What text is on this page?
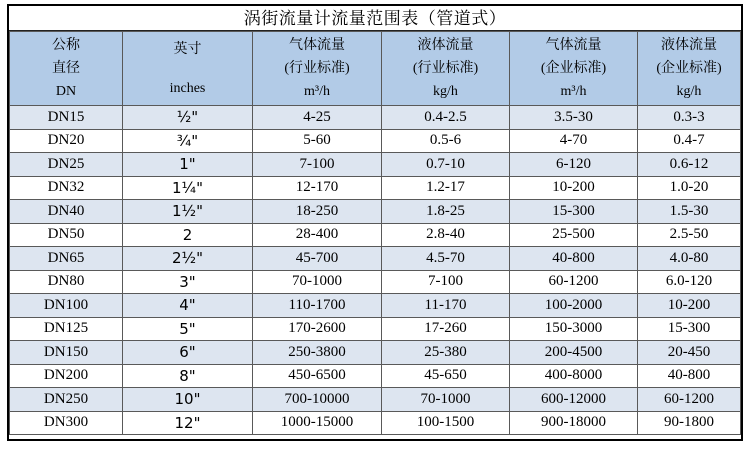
涡街流量计流量范围表（管道式）
公称
直径
DN

英寸
inches

气体流量
(行业标准)
m³/h

液体流量
(行业标准)
kg/h

气体流量
(企业标准)
m³/h

液体流量
(企业标准)
kg/h

DN15	½"	4-25	0.4-2.5	3.5-30	0.3-3
DN20	¾"	5-60	0.5-6	4-70	0.4-7
DN25	1"	7-100	0.7-10	6-120	0.6-12
DN32	1¼"	12-170	1.2-17	10-200	1.0-20
DN40	1½"	18-250	1.8-25	15-300	1.5-30
DN50	2	28-400	2.8-40	25-500	2.5-50
DN65	2½"	45-700	4.5-70	40-800	4.0-80
DN80	3"	70-1000	7-100	60-1200	6.0-120
DN100	4"	110-1700	11-170	100-2000	10-200
DN125	5"	170-2600	17-260	150-3000	15-300
DN150	6"	250-3800	25-380	200-4500	20-450
DN200	8"	450-6500	45-650	400-8000	40-800
DN250	10"	700-10000	70-1000	600-12000	60-1200
DN300	12"	1000-15000	100-1500	900-18000	90-1800
